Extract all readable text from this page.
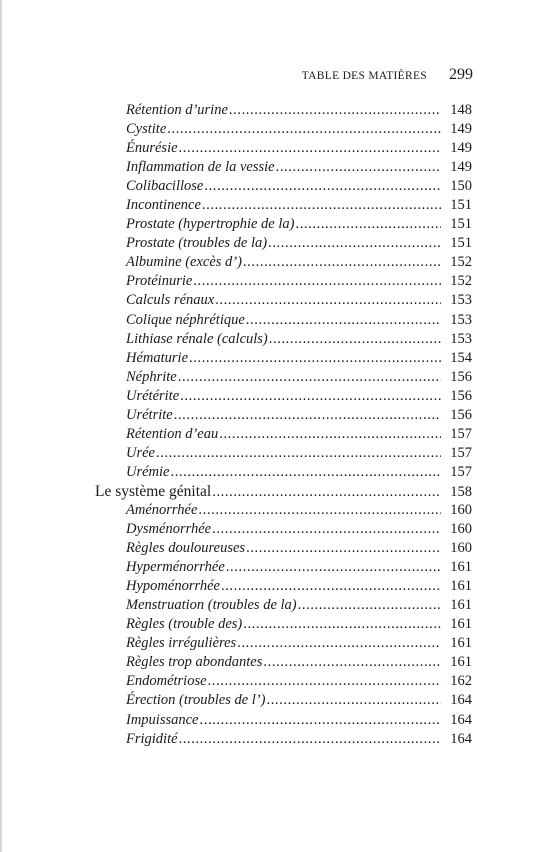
TABLE DES MATIÈRES 299
Rétention d’urine .....	148
Cystite .....	149
Énurésie .....	149
Inflammation de la vessie .....	149
Colibacillose .....	150
Incontinence .....	151
Prostate (hypertrophie de la) .....	151
Prostate (troubles de la) .....	151
Albumine (excès d’) .....	152
Protéinurie .....	152
Calculs rénaux .....	153
Colique néphrétique .....	153
Lithiase rénale (calculs) .....	153
Hématurie .....	154
Néphrite .....	156
Urétérite .....	156
Urétrite .....	156
Rétention d’eau .....	157
Urée .....	157
Urémie .....	157
Le système génital .....	158
Aménorrhée .....	160
Dysménorrhée .....	160
Règles douloureuses .....	160
Hyperménorrhée .....	161
Hypoménorrhée .....	161
Menstruation (troubles de la) .....	161
Règles (trouble des) .....	161
Règles irrégulières .....	161
Règles trop abondantes .....	161
Endométriose .....	162
Érection (troubles de l’) .....	164
Impuissance .....	164
Frigidité .....	164
